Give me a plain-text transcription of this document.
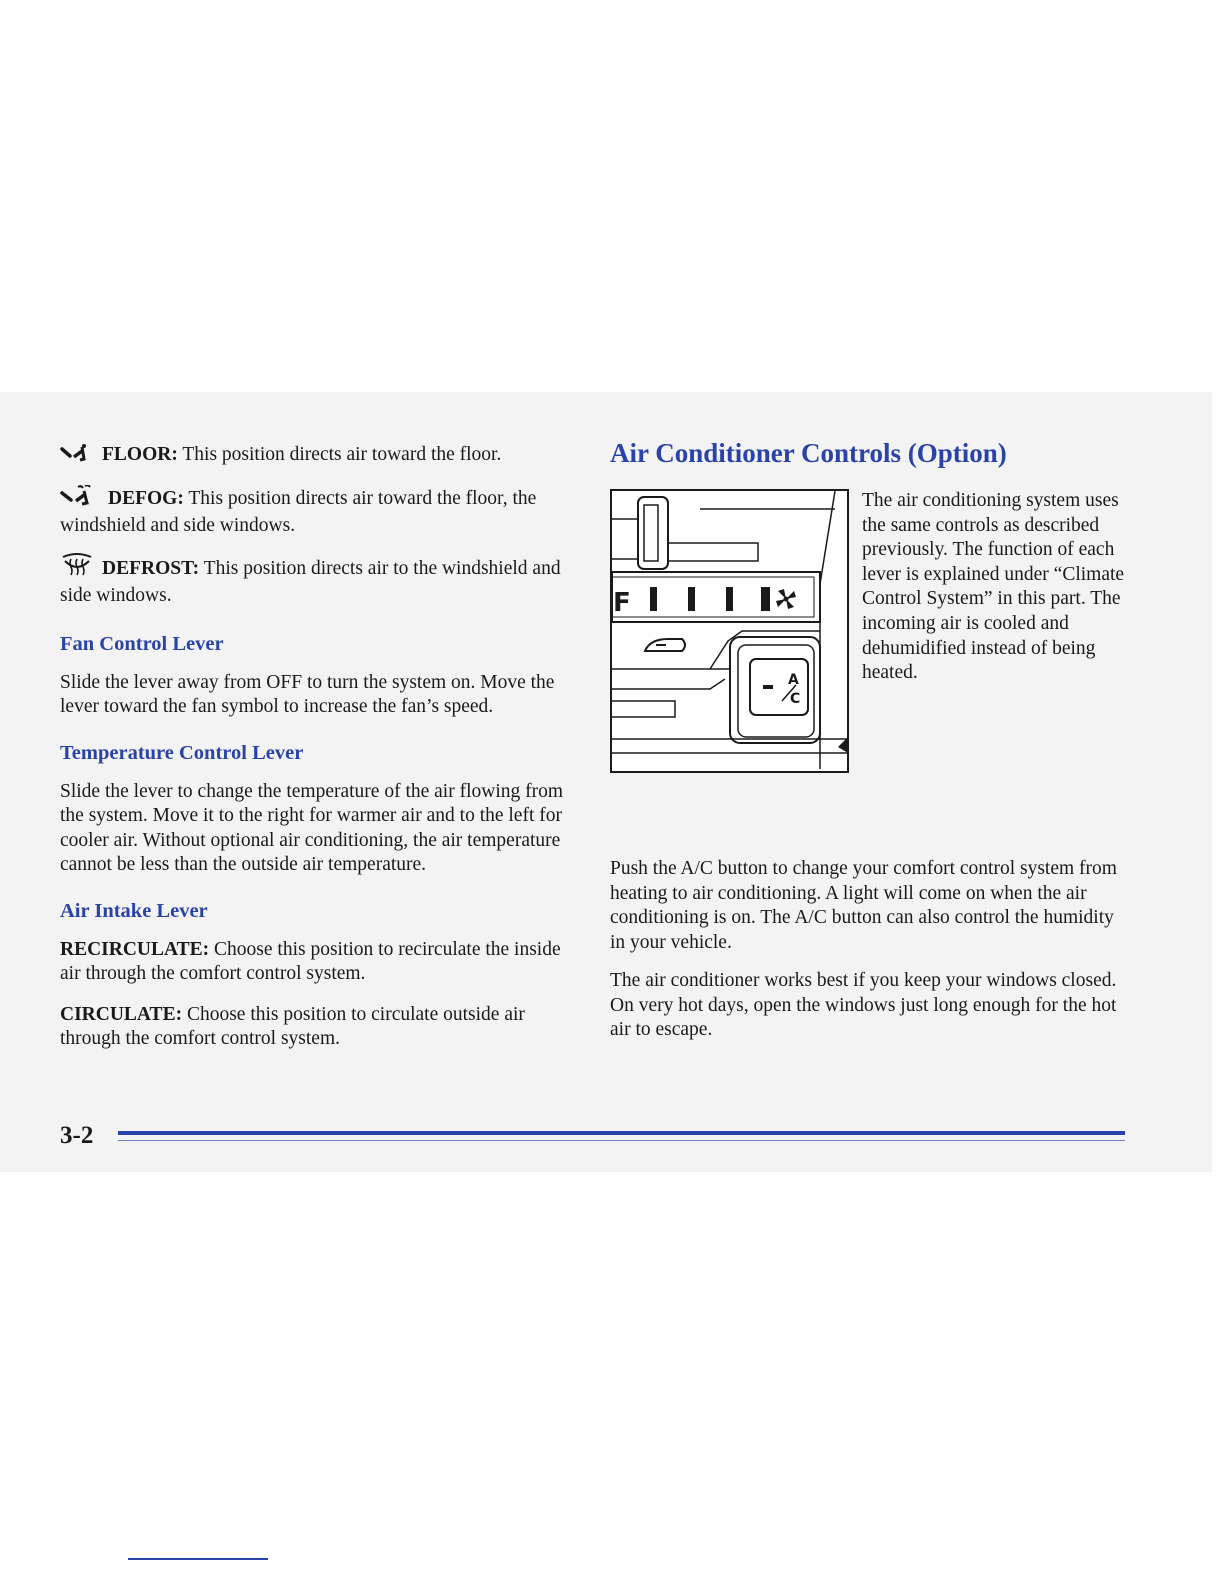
FLOOR: This position directs air toward the floor.

DEFOG: This position directs air toward the floor, the windshield and side windows.

DEFROST: This position directs air to the windshield and side windows.

Fan Control Lever

Slide the lever away from OFF to turn the system on. Move the lever toward the fan symbol to increase the fan’s speed.

Temperature Control Lever

Slide the lever to change the temperature of the air flowing from the system. Move it to the right for warmer air and to the left for cooler air. Without optional air conditioning, the air temperature cannot be less than the outside air temperature.

Air Intake Lever

RECIRCULATE: Choose this position to recirculate the inside air through the comfort control system.

CIRCULATE: Choose this position to circulate outside air through the comfort control system.

Air Conditioner Controls (Option)
F
A
C

The air conditioning system uses the same controls as described previously. The function of each lever is explained under “Climate Control System” in this part. The incoming air is cooled and dehumidified instead of being heated.

Push the A/C button to change your comfort control system from heating to air conditioning. A light will come on when the air conditioning is on. The A/C button can also control the humidity in your vehicle.

The air conditioner works best if you keep your windows closed. On very hot days, open the windows just long enough for the hot air to escape.

3-2
